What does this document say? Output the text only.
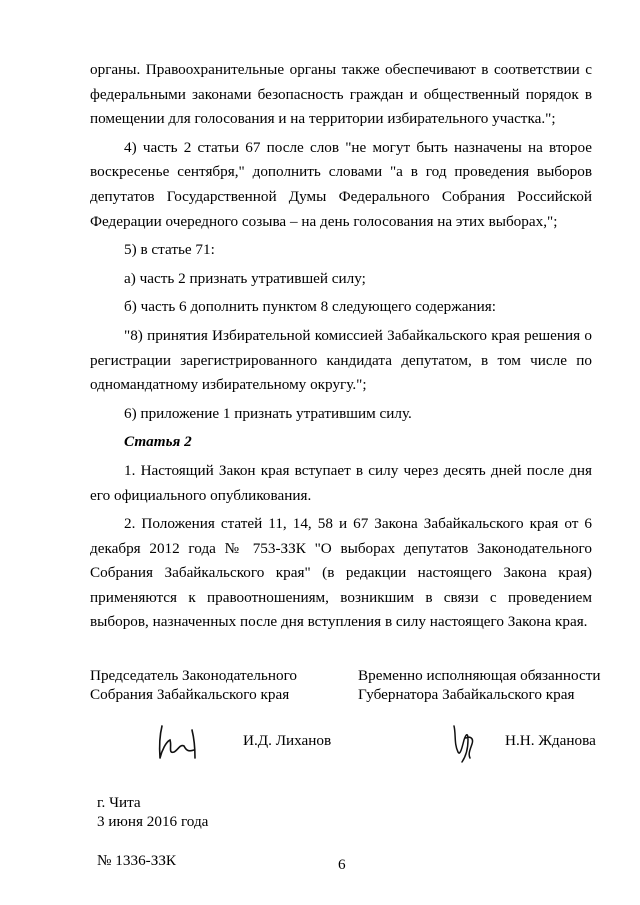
органы. Правоохранительные органы также обеспечивают в соответствии с федеральными законами безопасность граждан и общественный порядок в помещении для голосования и на территории избирательного участка.";

4) часть 2 статьи 67 после слов "не могут быть назначены на второе воскресенье сентября," дополнить словами "а в год проведения выборов депутатов Государственной Думы Федерального Собрания Российской Федерации очередного созыва – на день голосования на этих выборах,";

5) в статье 71:

а) часть 2 признать утратившей силу;

б) часть 6 дополнить пунктом 8 следующего содержания:

"8) принятия Избирательной комиссией Забайкальского края решения о регистрации зарегистрированного кандидата депутатом, в том числе по одномандатному избирательному округу.";

6) приложение 1 признать утратившим силу.

Статья 2

1. Настоящий Закон края вступает в силу через десять дней после дня его официального опубликования.

2. Положения статей 11, 14, 58 и 67 Закона Забайкальского края от 6 декабря 2012 года № 753-ЗЗК "О выборах депутатов Законодательного Собрания Забайкальского края" (в редакции настоящего Закона края) применяются к правоотношениям, возникшим в связи с проведением выборов, назначенных после дня вступления в силу настоящего Закона края.

Председатель Законодательного
Собрания Забайкальского края
Временно исполняющая обязанности
Губернатора Забайкальского края
И.Д. Лиханов	Н.Н. Жданова
г. Чита
3 июня 2016 года
№ 1336-ЗЗК	6
